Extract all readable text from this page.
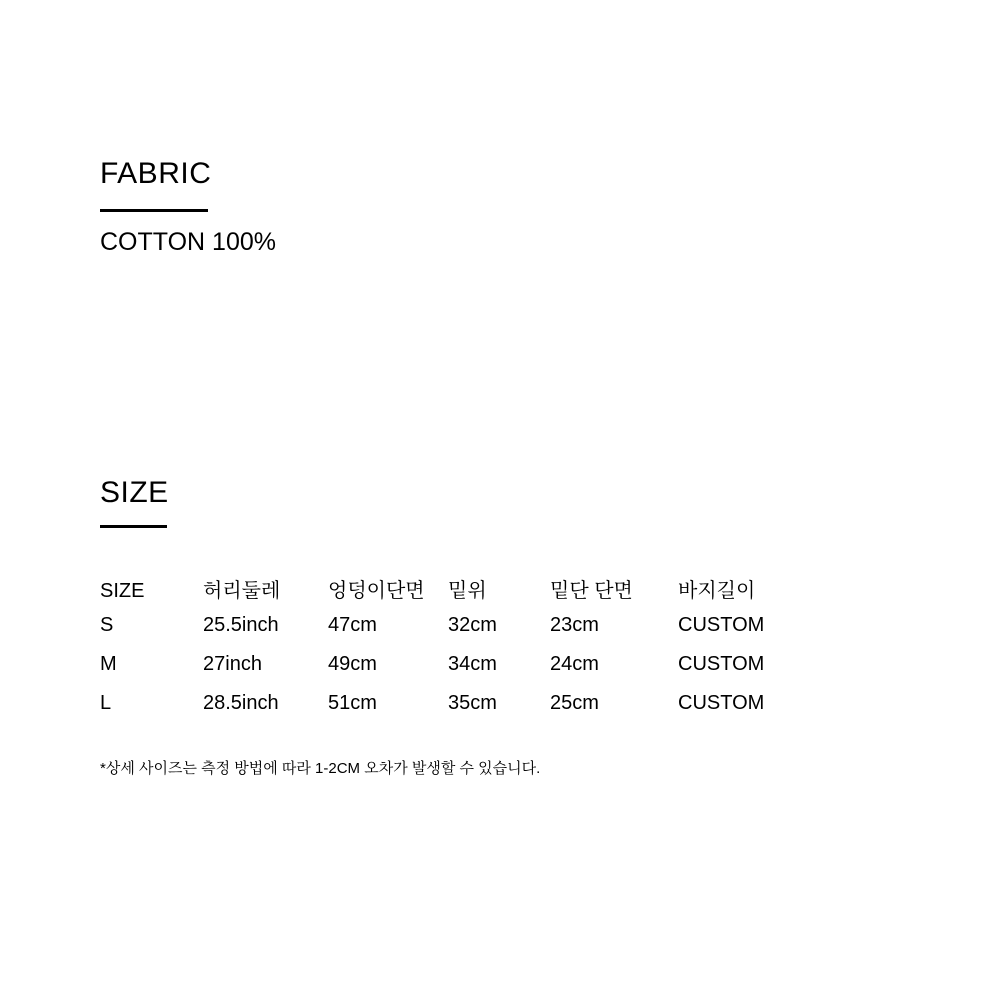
FABRIC

COTTON 100%

SIZE
SIZE	허리둘레	엉덩이단면	밑위	밑단 단면	바지길이
S	25.5inch	47cm	32cm	23cm	CUSTOM
M	27inch	49cm	34cm	24cm	CUSTOM
L	28.5inch	51cm	35cm	25cm	CUSTOM

*상세 사이즈는 측정 방법에 따라 1-2CM 오차가 발생할 수 있습니다.
